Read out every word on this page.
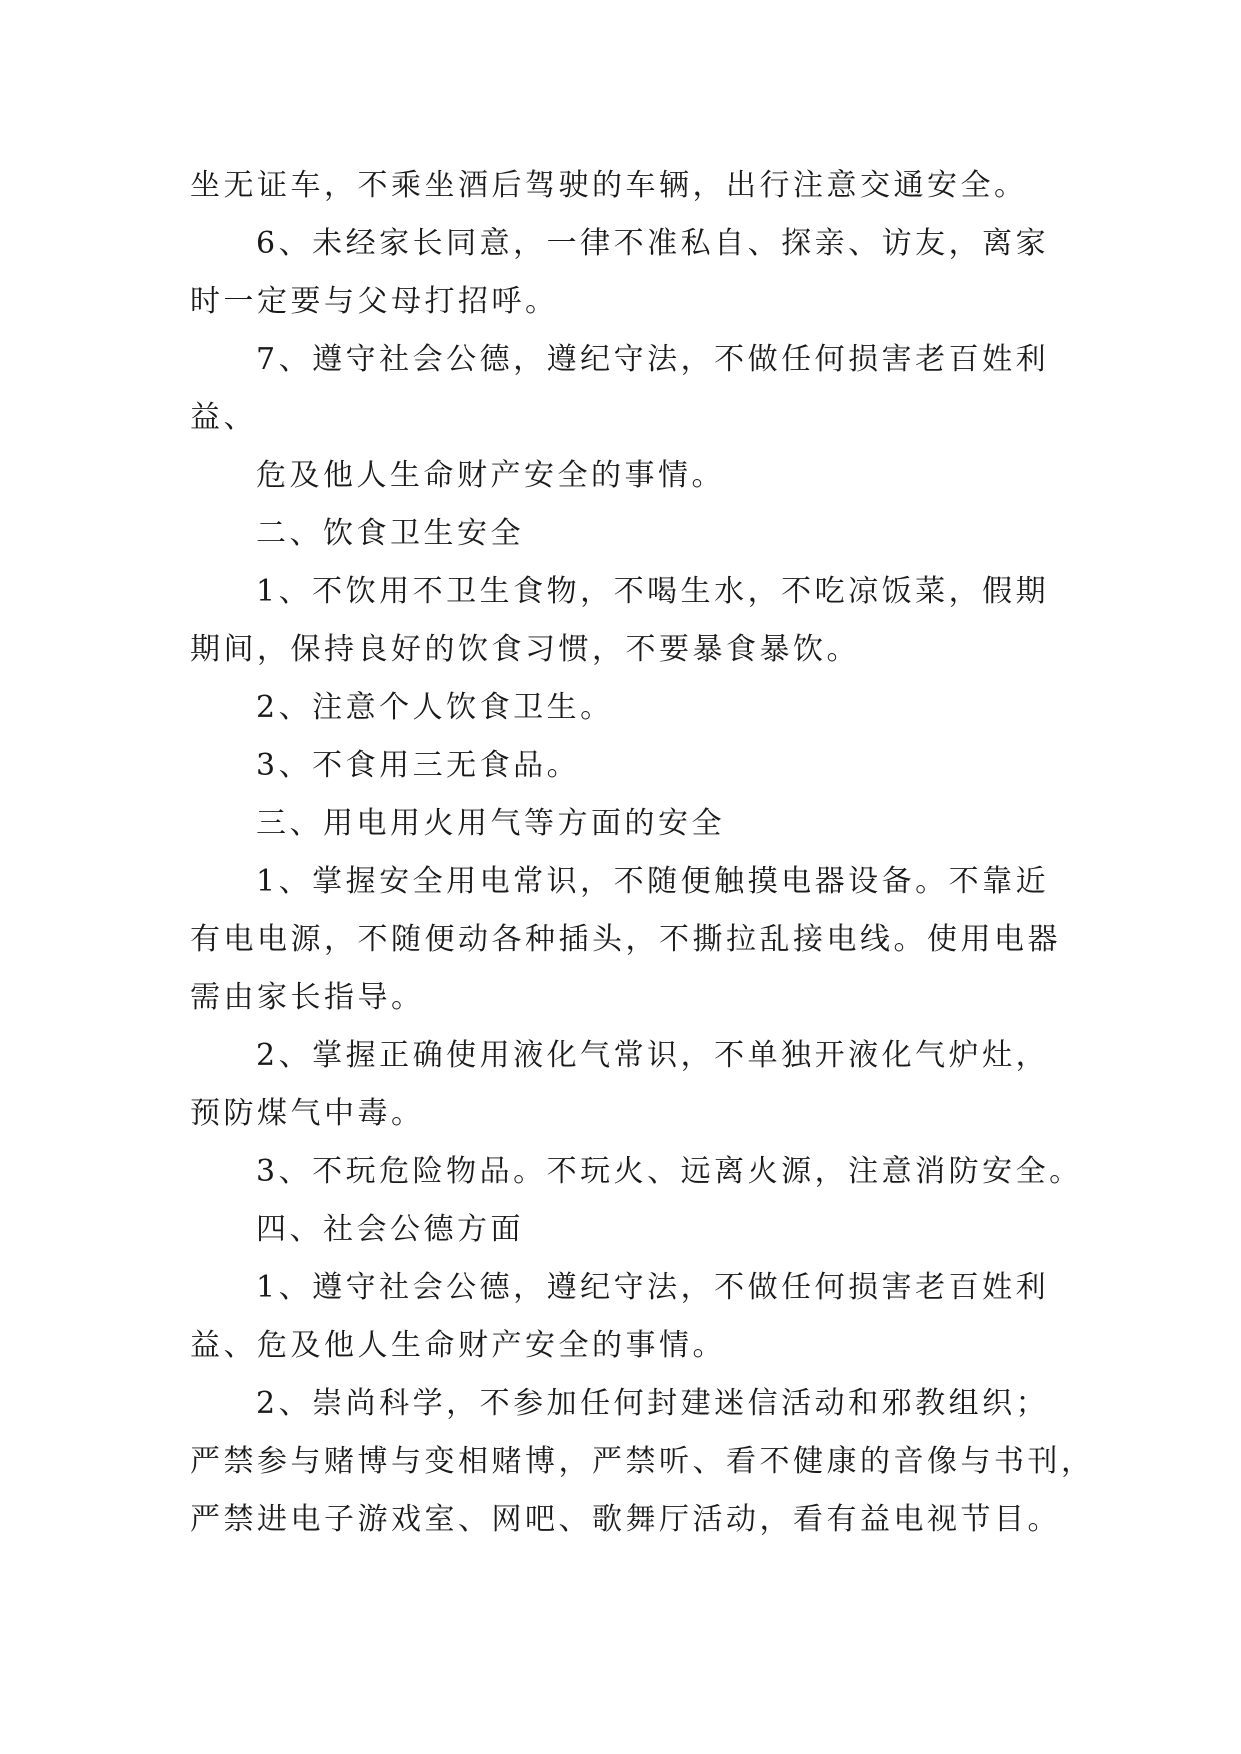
坐无证车，不乘坐酒后驾驶的车辆，出行注意交通安全。
6、未经家长同意，一律不准私自、探亲、访友，离家
时一定要与父母打招呼。
7、遵守社会公德，遵纪守法，不做任何损害老百姓利
益、
危及他人生命财产安全的事情。
二、饮食卫生安全
1、不饮用不卫生食物，不喝生水，不吃凉饭菜，假期
期间，保持良好的饮食习惯，不要暴食暴饮。
2、注意个人饮食卫生。
3、不食用三无食品。
三、用电用火用气等方面的安全
1、掌握安全用电常识，不随便触摸电器设备。不靠近
有电电源，不随便动各种插头，不撕拉乱接电线。使用电器
需由家长指导。
2、掌握正确使用液化气常识，不单独开液化气炉灶，
预防煤气中毒。
3、不玩危险物品。不玩火、远离火源，注意消防安全。
四、社会公德方面
1、遵守社会公德，遵纪守法，不做任何损害老百姓利
益、危及他人生命财产安全的事情。
2、崇尚科学，不参加任何封建迷信活动和邪教组织；
严禁参与赌博与变相赌博，严禁听、看不健康的音像与书刊，
严禁进电子游戏室、网吧、歌舞厅活动，看有益电视节目。
